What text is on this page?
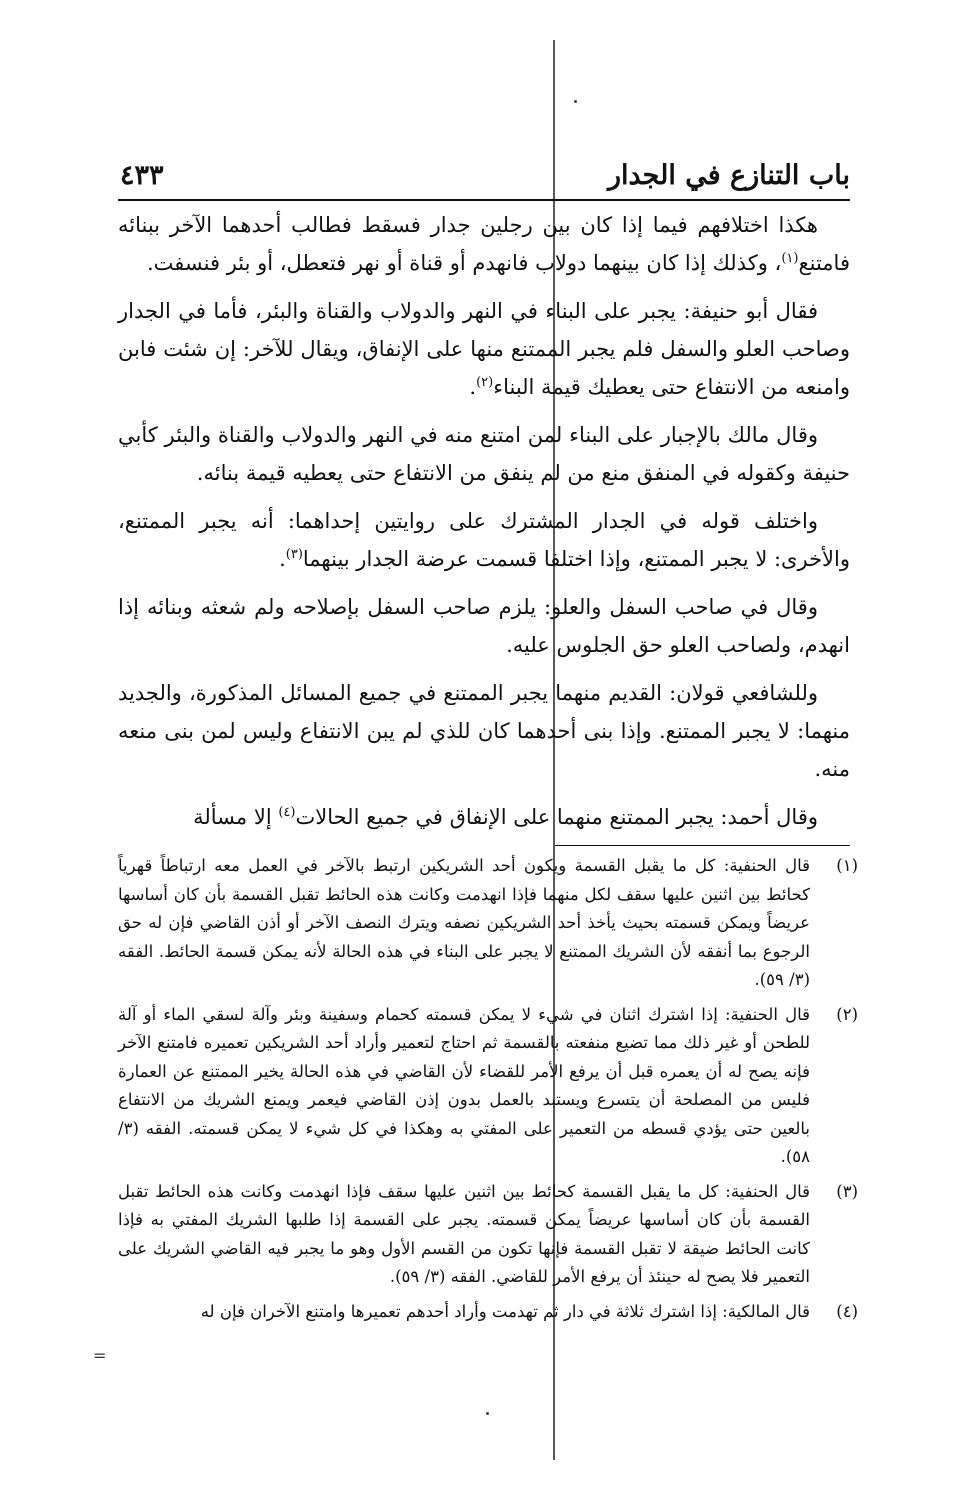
باب التنازع في الجدار
٤٣٣

هكذا اختلافهم فيما إذا كان بين رجلين جدار فسقط فطالب أحدهما الآخر ببنائه فامتنع$^{(١)}$، وكذلك إذا كان بينهما دولاب فانهدم أو قناة أو نهر فتعطل، أو بئر فنسفت.

فقال أبو حنيفة: يجبر على البناء في النهر والدولاب والقناة والبئر، فأما في الجدار وصاحب العلو والسفل فلم يجبر الممتنع منها على الإنفاق، ويقال للآخر: إن شئت فابن وامنعه من الانتفاع حتى يعطيك قيمة البناء$^{(٢)}$.

وقال مالك بالإجبار على البناء لمن امتنع منه في النهر والدولاب والقناة والبئر كأبي حنيفة وكقوله في المنفق منع من لم ينفق من الانتفاع حتى يعطيه قيمة بنائه.

واختلف قوله في الجدار المشترك على روايتين إحداهما: أنه يجبر الممتنع، والأخرى: لا يجبر الممتنع، وإذا اختلفا قسمت عرضة الجدار بينهما$^{(٣)}$.

وقال في صاحب السفل والعلو: يلزم صاحب السفل بإصلاحه ولم شعثه وبنائه إذا انهدم، ولصاحب العلو حق الجلوس عليه.

وللشافعي قولان: القديم منهما يجبر الممتنع في جميع المسائل المذكورة، والجديد منهما: لا يجبر الممتنع. وإذا بنى أحدهما كان للذي لم يبن الانتفاع وليس لمن بنى منعه منه.

وقال أحمد: يجبر الممتنع منهما على الإنفاق في جميع الحالات$^{(٤)}$ إلا مسألة

(١)
قال الحنفية: كل ما يقبل القسمة ويكون أحد الشريكين ارتبط بالآخر في العمل معه ارتباطاً قهرياً كحائط بين اثنين عليها سقف لكل منهما فإذا انهدمت وكانت هذه الحائط تقبل القسمة بأن كان أساسها عريضاً ويمكن قسمته بحيث يأخذ أحد الشريكين نصفه ويترك النصف الآخر أو أذن القاضي فإن له حق الرجوع بما أنفقه لأن الشريك الممتنع لا يجبر على البناء في هذه الحالة لأنه يمكن قسمة الحائط. الفقه (٣/ ٥٩).
(٢)
قال الحنفية: إذا اشترك اثنان في شيء لا يمكن قسمته كحمام وسفينة وبئر وآلة لسقي الماء أو آلة للطحن أو غير ذلك مما تضيع منفعته بالقسمة ثم احتاج لتعمير وأراد أحد الشريكين تعميره فامتنع الآخر فإنه يصح له أن يعمره قبل أن يرفع الأمر للقضاء لأن القاضي في هذه الحالة يخير الممتنع عن العمارة فليس من المصلحة أن يتسرع ويستبد بالعمل بدون إذن القاضي فيعمر ويمنع الشريك من الانتفاع بالعين حتى يؤدي قسطه من التعمير على المفتي به وهكذا في كل شيء لا يمكن قسمته. الفقه (٣/ ٥٨).
(٣)
قال الحنفية: كل ما يقبل القسمة كحائط بين اثنين عليها سقف فإذا انهدمت وكانت هذه الحائط تقبل القسمة بأن كان أساسها عريضاً يمكن قسمته. يجبر على القسمة إذا طلبها الشريك المفتي به فإذا كانت الحائط ضيقة لا تقبل القسمة فإنها تكون من القسم الأول وهو ما يجبر فيه القاضي الشريك على التعمير فلا يصح له حينئذ أن يرفع الأمر للقاضي. الفقه (٣/ ٥٩).
(٤)
قال المالكية: إذا اشترك ثلاثة في دار ثم تهدمت وأراد أحدهم تعميرها وامتنع الآخران فإن له
=
